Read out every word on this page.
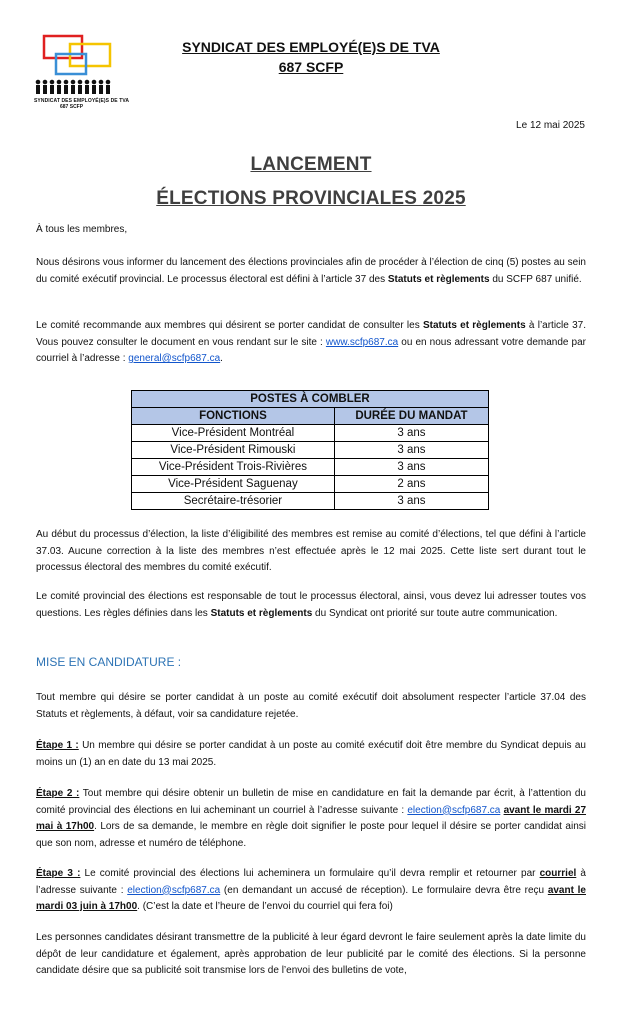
SYNDICAT DES EMPLOYÉ(E)S DE TVA
687 SCFP
SYNDICAT DES EMPLOYÉ(E)S DE TVA
687 SCFP
Le 12 mai 2025
LANCEMENT
ÉLECTIONS PROVINCIALES 2025

À tous les membres,

Nous désirons vous informer du lancement des élections provinciales afin de procéder à l’élection de cinq (5) postes au sein du comité exécutif provincial. Le processus électoral est défini à l’article 37 des Statuts et règlements du SCFP 687 unifié.

Le comité recommande aux membres qui désirent se porter candidat de consulter les Statuts et règlements à l’article 37. Vous pouvez consulter le document en vous rendant sur le site : www.scfp687.ca ou en nous adressant votre demande par courriel à l’adresse : general@scfp687.ca.

POSTES À COMBLER	
FONCTIONS	DURÉE DU MANDAT
Vice-Président Montréal	3 ans
Vice-Président Rimouski	3 ans
Vice-Président Trois-Rivières	3 ans
Vice-Président Saguenay	2 ans
Secrétaire-trésorier	3 ans

Au début du processus d’élection, la liste d’éligibilité des membres est remise au comité d’élections, tel que défini à l’article 37.03. Aucune correction à la liste des membres n’est effectuée après le 12 mai 2025. Cette liste sert durant tout le processus électoral des membres du comité exécutif.

Le comité provincial des élections est responsable de tout le processus électoral, ainsi, vous devez lui adresser toutes vos questions. Les règles définies dans les Statuts et règlements du Syndicat ont priorité sur toute autre communication.

MISE EN CANDIDATURE :

Tout membre qui désire se porter candidat à un poste au comité exécutif doit absolument respecter l’article 37.04 des Statuts et règlements, à défaut, voir sa candidature rejetée.

Étape 1 : Un membre qui désire se porter candidat à un poste au comité exécutif doit être membre du Syndicat depuis au moins un (1) an en date du 13 mai 2025.

Étape 2 : Tout membre qui désire obtenir un bulletin de mise en candidature en fait la demande par écrit, à l’attention du comité provincial des élections en lui acheminant un courriel à l’adresse suivante : election@scfp687.ca avant le mardi 27 mai à 17h00. Lors de sa demande, le membre en règle doit signifier le poste pour lequel il désire se porter candidat ainsi que son nom, adresse et numéro de téléphone.

Étape 3 : Le comité provincial des élections lui acheminera un formulaire qu’il devra remplir et retourner par courriel à l’adresse suivante : election@scfp687.ca (en demandant un accusé de réception). Le formulaire devra être reçu avant le mardi 03 juin à 17h00. (C’est la date et l’heure de l’envoi du courriel qui fera foi)

Les personnes candidates désirant transmettre de la publicité à leur égard devront le faire seulement après la date limite du dépôt de leur candidature et également, après approbation de leur publicité par le comité des élections. Si la personne candidate désire que sa publicité soit transmise lors de l’envoi des bulletins de vote,
